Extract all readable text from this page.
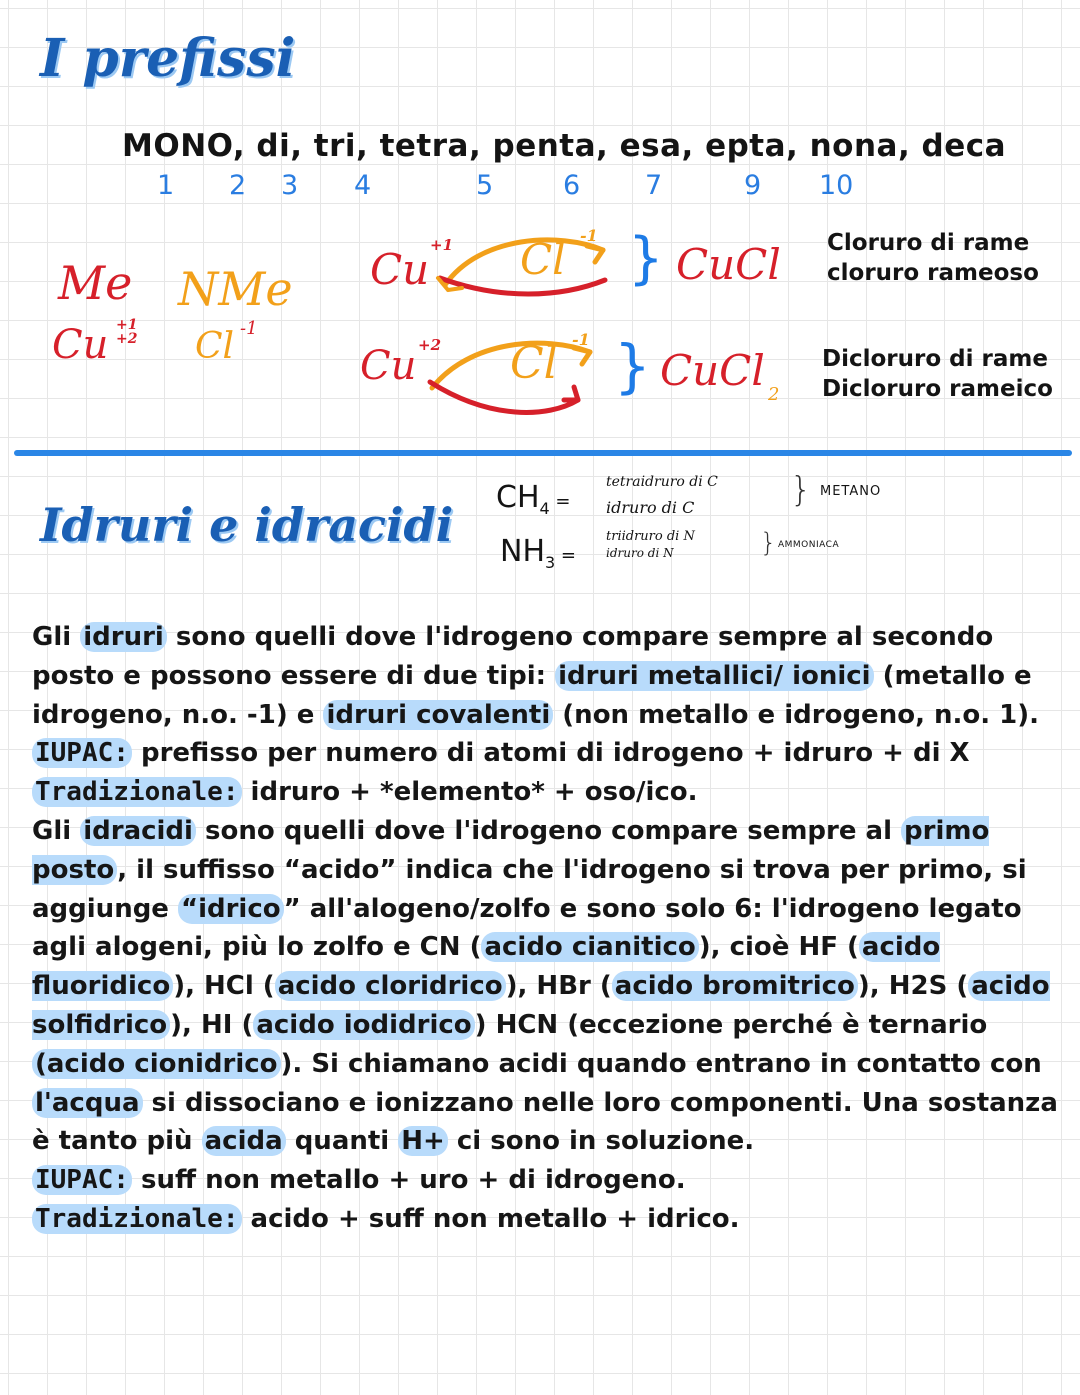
I prefissi
MONO, di, tri, tetra, penta, esa, epta, nona, deca
1 2 3 4	5	6 7	9 10
Me NMe
Cu +1
+2 Cl -1
Cu +1 Cl -1 } CuCl Cloruro di rame
cloruro rameoso
Cu +2 Cl -1 } CuCl 2
Dicloruro di rame
Dicloruro rameico
Idruri e idracidi
$CH_4$ =
tetraidruro di C
idruro di C	} METANO
$NH_3$ =
triidruro di N
idruro di N	} AMMONIACA

Gli idruri sono quelli dove l'idrogeno compare sempre al secondo posto e possono essere di due tipi: idruri metallici/ ionici (metallo e idrogeno, n.o. -1) e idruri covalenti (non metallo e idrogeno, n.o. 1).

IUPAC: prefisso per numero di atomi di idrogeno + idruro + di X

Tradizionale: idruro + *elemento* + oso/ico.

Gli idracidi sono quelli dove l'idrogeno compare sempre al primo posto , il suffisso “acido” indica che l'idrogeno si trova per primo, si aggiunge “idrico ” all'alogeno/zolfo e sono solo 6: l'idrogeno legato agli alogeni, più lo zolfo e CN ( acido cianitico ), cioè HF ( acido fluoridico ), HCl ( acido cloridrico ), HBr ( acido bromitrico ), H2S ( acido solfidrico ), HI ( acido iodidrico ) HCN (eccezione perché è ternario (acido cionidrico ). Si chiamano acidi quando entrano in contatto con l'acqua si dissociano e ionizzano nelle loro componenti. Una sostanza è tanto più acida quanti H+ ci sono in soluzione.

IUPAC: suff non metallo + uro + di idrogeno.

Tradizionale: acido + suff non metallo + idrico.
